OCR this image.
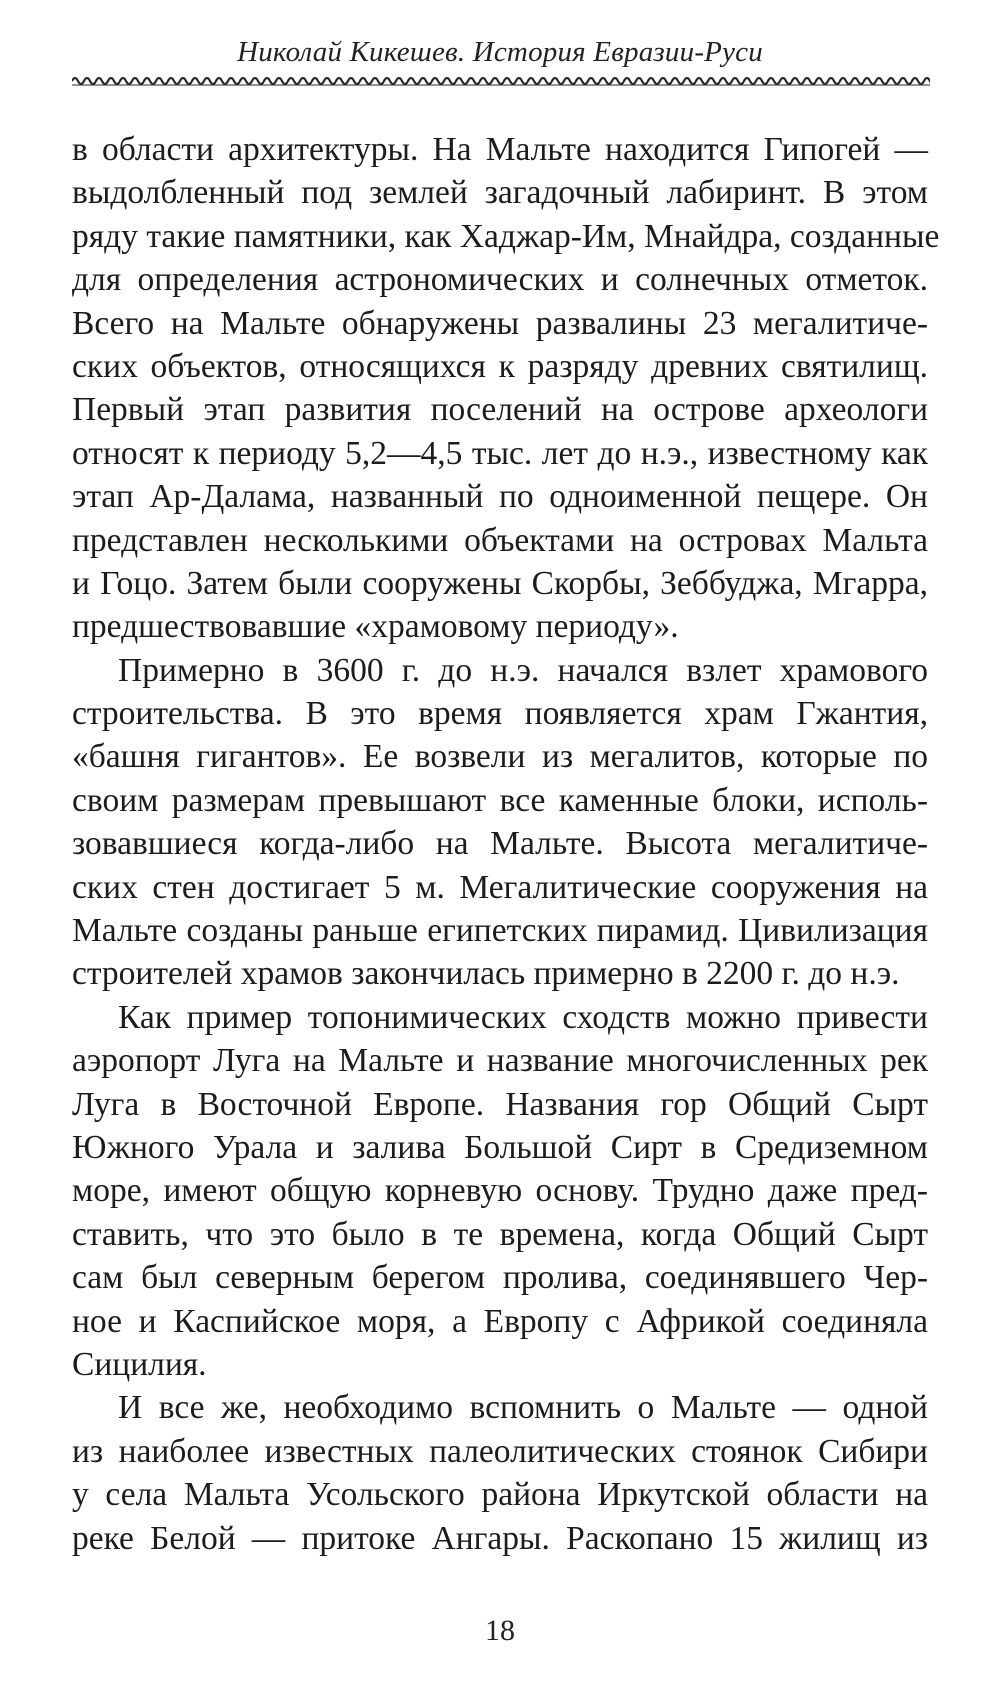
Николай Кикешев. История Евразии-Руси
в области архитектуры. На Мальте находится Гипогей —
выдолбленный под землей загадочный лабиринт. В этом
ряду такие памятники, как Хаджар-Им, Мнайдра, созданные
для определения астрономических и солнечных отметок.
Всего на Мальте обнаружены развалины 23 мегалитиче-
ских объектов, относящихся к разряду древних святилищ.
Первый этап развития поселений на острове археологи
относят к периоду 5,2—4,5 тыс. лет до н.э., известному как
этап Ар-Далама, названный по одноименной пещере. Он
представлен несколькими объектами на островах Мальта
и Гоцо. Затем были сооружены Скорбы, Зеббуджа, Мгарра,
предшествовавшие «храмовому периоду».
Примерно в 3600 г. до н.э. начался взлет храмового
строительства. В это время появляется храм Гжантия,
«башня гигантов». Ее возвели из мегалитов, которые по
своим размерам превышают все каменные блоки, исполь-
зовавшиеся когда-либо на Мальте. Высота мегалитиче-
ских стен достигает 5 м. Мегалитические сооружения на
Мальте созданы раньше египетских пирамид. Цивилизация
строителей храмов закончилась примерно в 2200 г. до н.э.
Как пример топонимических сходств можно привести
аэропорт Луга на Мальте и название многочисленных рек
Луга в Восточной Европе. Названия гор Общий Сырт
Южного Урала и залива Большой Сирт в Средиземном
море, имеют общую корневую основу. Трудно даже пред-
ставить, что это было в те времена, когда Общий Сырт
сам был северным берегом пролива, соединявшего Чер-
ное и Каспийское моря, а Европу с Африкой соединяла
Сицилия.
И все же, необходимо вспомнить о Мальте — одной
из наиболее известных палеолитических стоянок Сибири
у села Мальта Усольского района Иркутской области на
реке Белой — притоке Ангары. Раскопано 15 жилищ из
18
